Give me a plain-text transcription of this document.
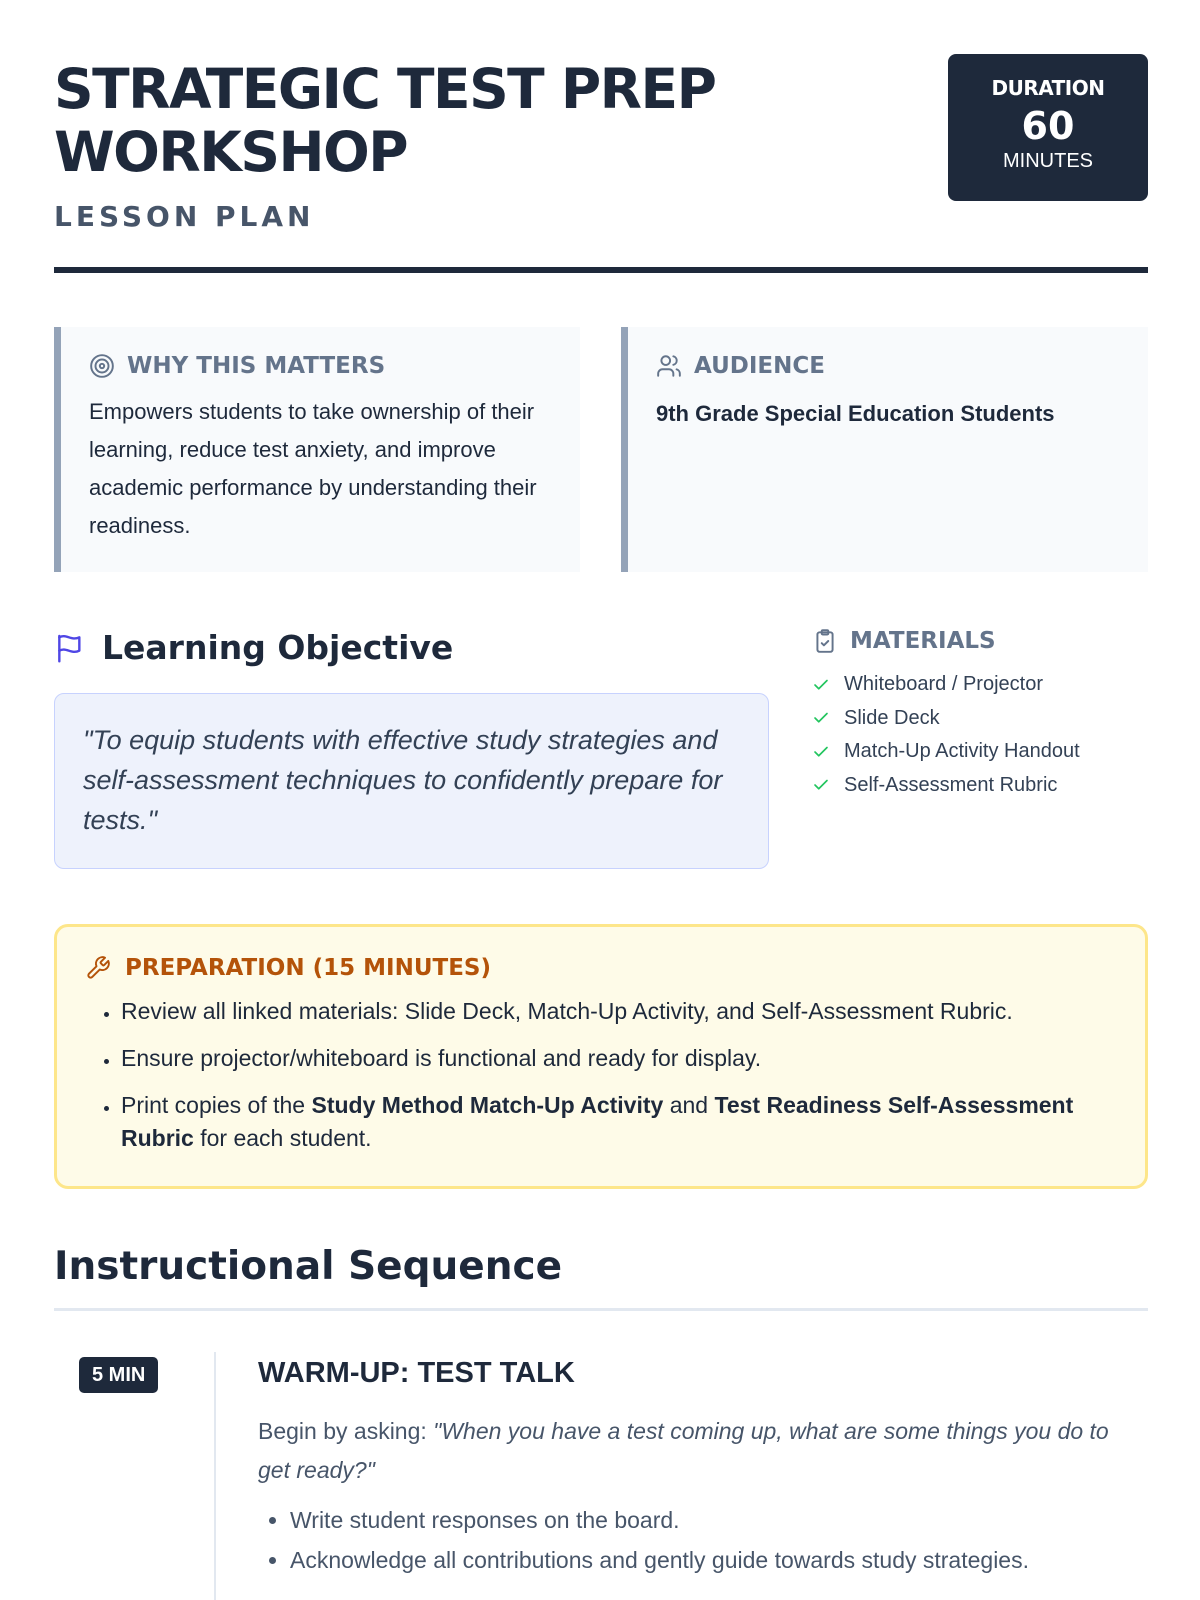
STRATEGIC TEST PREP WORKSHOP
LESSON PLAN
DURATION
60
MINUTES
WHY THIS MATTERS

Empowers students to take ownership of their learning, reduce test anxiety, and improve academic performance by understanding their readiness.

AUDIENCE

9th Grade Special Education Students

Learning Objective
"To equip students with effective study strategies and self-assessment techniques to confidently prepare for tests."
MATERIALS
Whiteboard / Projector
Slide Deck
Match-Up Activity Handout
Self-Assessment Rubric
PREPARATION (15 MINUTES)
• Review all linked materials: Slide Deck, Match-Up Activity, and Self-Assessment Rubric.
• Ensure projector/whiteboard is functional and ready for display.
• Print copies of the Study Method Match-Up Activity and Test Readiness Self-Assessment Rubric for each student.
Instructional Sequence
5 MIN	WARM-UP: TEST TALK

Begin by asking: "When you have a test coming up, what are some things you do to get ready?"

• Write student responses on the board.
• Acknowledge all contributions and gently guide towards study strategies.
